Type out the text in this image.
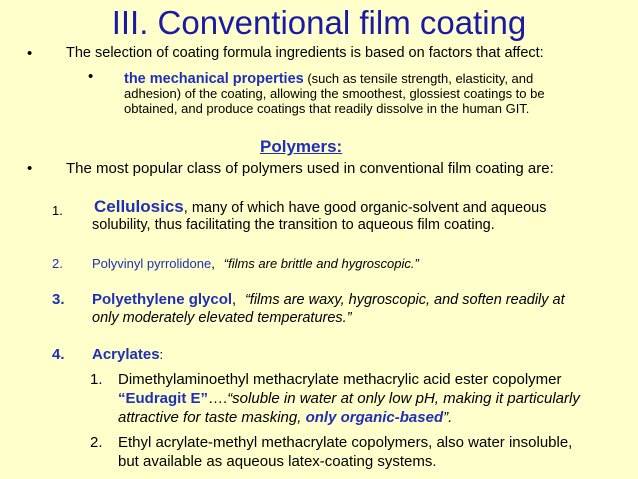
III. Conventional film coating
• The selection of coating formula ingredients is based on factors that affect:
• the mechanical properties (such as tensile strength, elasticity, and
adhesion) of the coating, allowing the smoothest, glossiest coatings to be
obtained, and produce coatings that readily dissolve in the human GIT.
Polymers:
• The most popular class of polymers used in conventional film coating are:
1. Cellulosics, many of which have good organic-solvent and aqueous
solubility, thus facilitating the transition to aqueous film coating.
2. Polyvinyl pyrrolidone, “films are brittle and hygroscopic.”
3. Polyethylene glycol, “films are waxy, hygroscopic, and soften readily at
only moderately elevated temperatures.”
4. Acrylates:
1. Dimethylaminoethyl methacrylate methacrylic acid ester copolymer
“Eudragit E”….“soluble in water at only low pH, making it particularly
attractive for taste masking, only organic-based”.
2. Ethyl acrylate-methyl methacrylate copolymers, also water insoluble,
but available as aqueous latex-coating systems.
